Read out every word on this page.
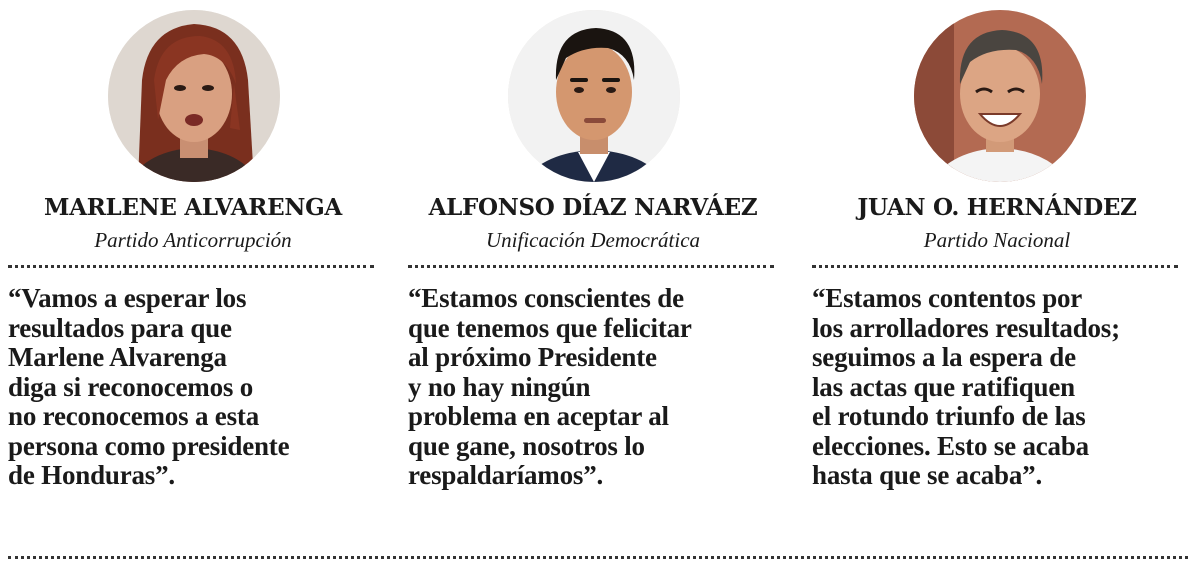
MARLENE ALVARENGA
Partido Anticorrupción

“Vamos a esperar los
resultados para que
Marlene Alvarenga
diga si reconocemos o
no reconocemos a esta
persona como presidente
de Honduras”.

ALFONSO DÍAZ NARVÁEZ
Unificación Democrática

“Estamos conscientes de
que tenemos que felicitar
al próximo Presidente
y no hay ningún
problema en aceptar al
que gane, nosotros lo
respaldaríamos”.

JUAN O. HERNÁNDEZ
Partido Nacional

“Estamos contentos por
los arrolladores resultados;
seguimos a la espera de
las actas que ratifiquen
el rotundo triunfo de las
elecciones. Esto se acaba
hasta que se acaba”.
